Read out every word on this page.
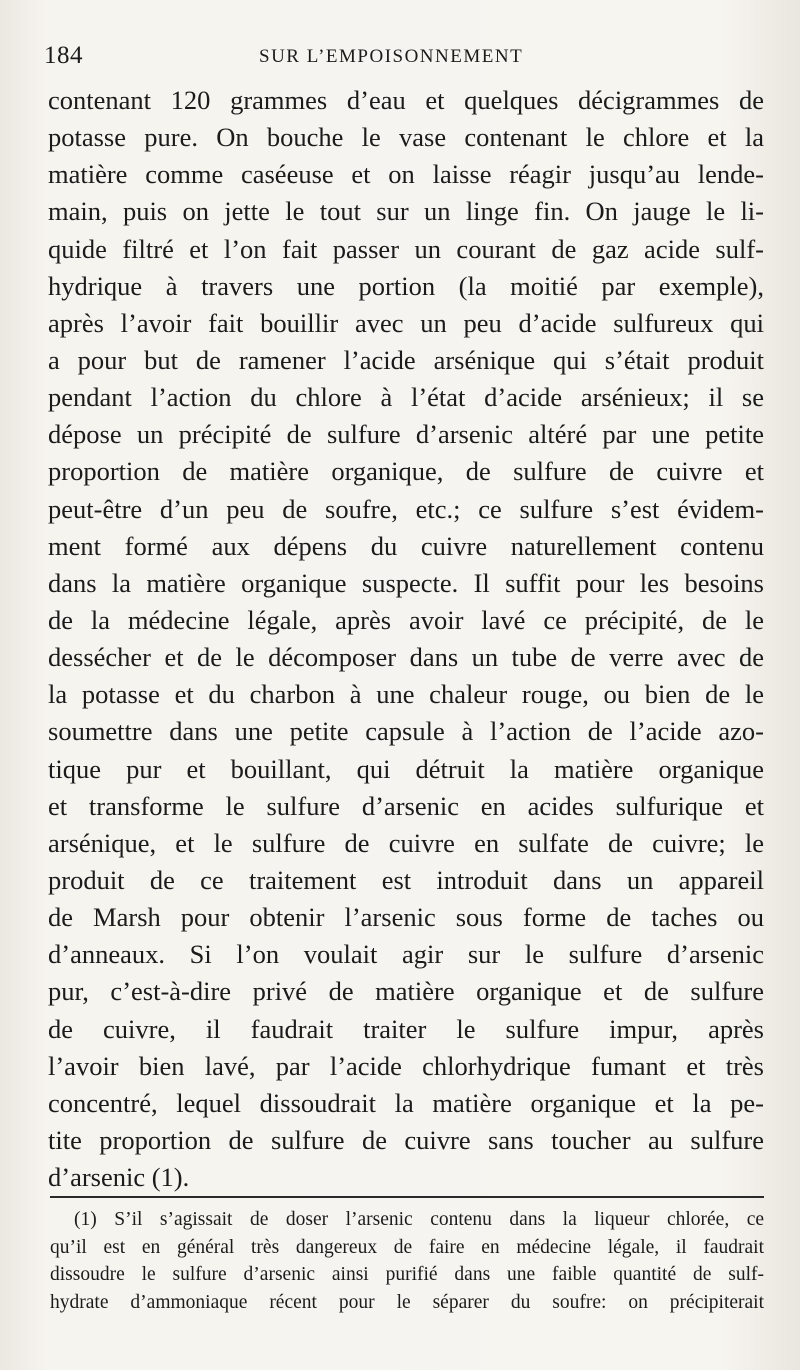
184	SUR L’EMPOISONNEMENT
contenant 120 grammes d’eau et quelques décigrammes de
potasse pure. On bouche le vase contenant le chlore et la
matière comme caséeuse et on laisse réagir jusqu’au lende-
main, puis on jette le tout sur un linge fin. On jauge le li-
quide filtré et l’on fait passer un courant de gaz acide sulf-
hydrique à travers une portion (la moitié par exemple),
après l’avoir fait bouillir avec un peu d’acide sulfureux qui
a pour but de ramener l’acide arsénique qui s’était produit
pendant l’action du chlore à l’état d’acide arsénieux; il se
dépose un précipité de sulfure d’arsenic altéré par une petite
proportion de matière organique, de sulfure de cuivre et
peut-être d’un peu de soufre, etc.; ce sulfure s’est évidem-
ment formé aux dépens du cuivre naturellement contenu
dans la matière organique suspecte. Il suffit pour les besoins
de la médecine légale, après avoir lavé ce précipité, de le
dessécher et de le décomposer dans un tube de verre avec de
la potasse et du charbon à une chaleur rouge, ou bien de le
soumettre dans une petite capsule à l’action de l’acide azo-
tique pur et bouillant, qui détruit la matière organique
et transforme le sulfure d’arsenic en acides sulfurique et
arsénique, et le sulfure de cuivre en sulfate de cuivre; le
produit de ce traitement est introduit dans un appareil
de Marsh pour obtenir l’arsenic sous forme de taches ou
d’anneaux. Si l’on voulait agir sur le sulfure d’arsenic
pur, c’est-à-dire privé de matière organique et de sulfure
de cuivre, il faudrait traiter le sulfure impur, après
l’avoir bien lavé, par l’acide chlorhydrique fumant et très
concentré, lequel dissoudrait la matière organique et la pe-
tite proportion de sulfure de cuivre sans toucher au sulfure
d’arsenic (1).
(1) S’il s’agissait de doser l’arsenic contenu dans la liqueur chlorée, ce
qu’il est en général très dangereux de faire en médecine légale, il faudrait
dissoudre le sulfure d’arsenic ainsi purifié dans une faible quantité de sulf-
hydrate d’ammoniaque récent pour le séparer du soufre: on précipiterait
